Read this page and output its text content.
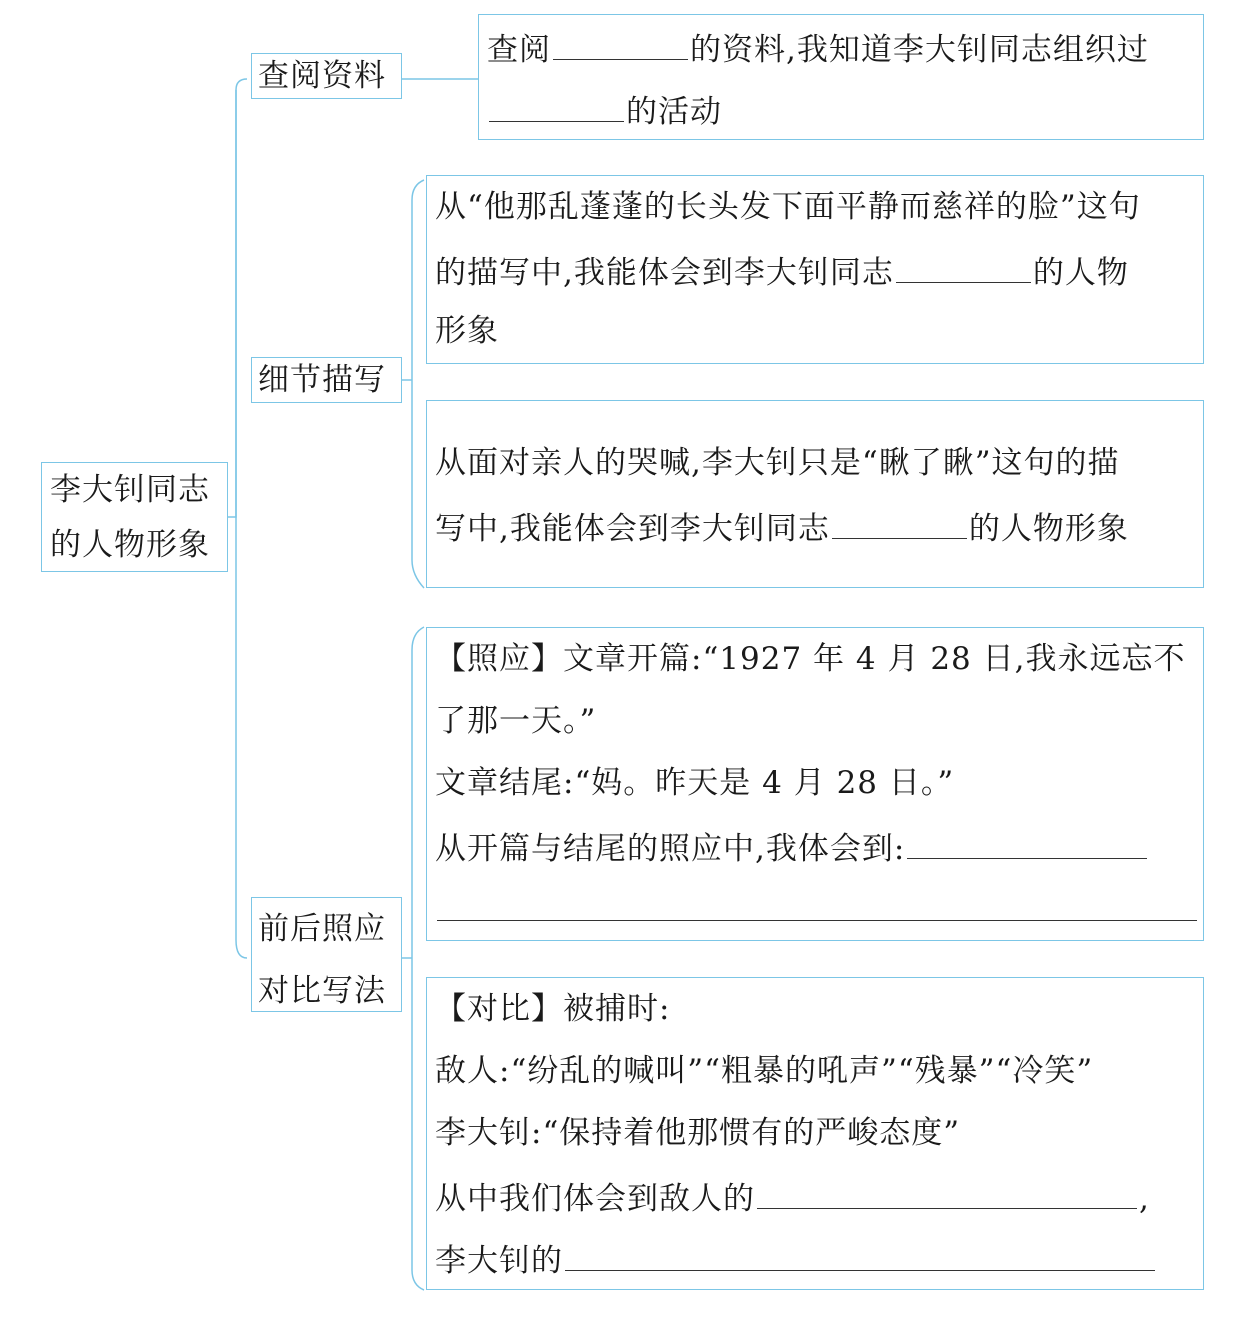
李大钊同志
的人物形象
查阅资料
查阅	的资料,我知道李大钊同志组织过
的活动
细节描写
从“他那乱蓬蓬的长头发下面平静而慈祥的脸”这句
的描写中,我能体会到李大钊同志	的人物
形象
从面对亲人的哭喊,李大钊只是“瞅了瞅”这句的描
写中,我能体会到李大钊同志	的人物形象
前后照应
对比写法
【照应】文章开篇:“1927 年 4 月 28 日,我永远忘不
了那一天。”
文章结尾:“妈。昨天是 4 月 28 日。”
从开篇与结尾的照应中,我体会到:
【对比】被捕时:
敌人:“纷乱的喊叫”“粗暴的吼声”“残暴”“冷笑”
李大钊:“保持着他那惯有的严峻态度”
从中我们体会到敌人的	,
李大钊的
